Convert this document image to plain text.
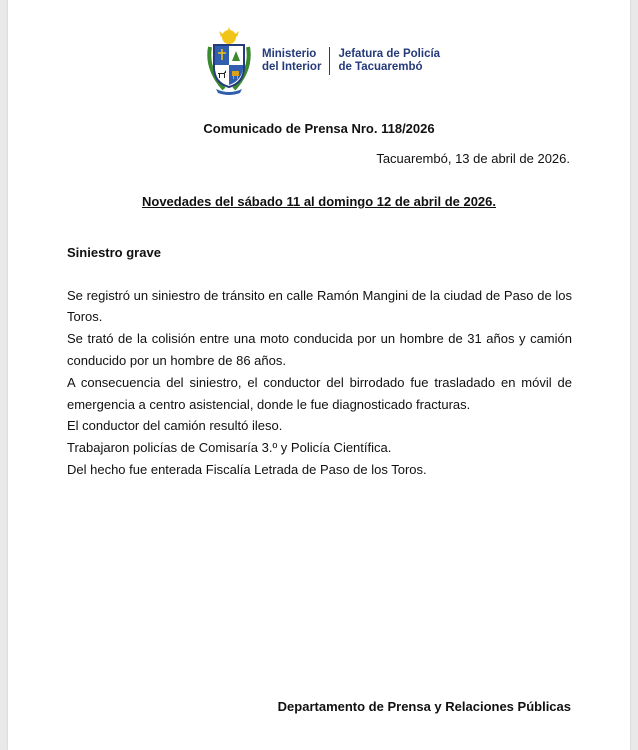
Ministerio
del Interior
Jefatura de Policía
de Tacuarembó
Comunicado de Prensa Nro. 118/2026
Tacuarembó, 13 de abril de 2026.
Novedades del sábado 11 al domingo 12 de abril de 2026.
Siniestro grave
Se registró un siniestro de tránsito en calle Ramón Mangini de la ciudad de Paso de los
Toros.
Se trató de la colisión entre una moto conducida por un hombre de 31 años y camión
conducido por un hombre de 86 años.
A consecuencia del siniestro, el conductor del birrodado fue trasladado en móvil de
emergencia a centro asistencial, donde le fue diagnosticado fracturas.
El conductor del camión resultó ileso.
Trabajaron policías de Comisaría 3.º y Policía Científica.
Del hecho fue enterada Fiscalía Letrada de Paso de los Toros.
Departamento de Prensa y Relaciones Públicas
